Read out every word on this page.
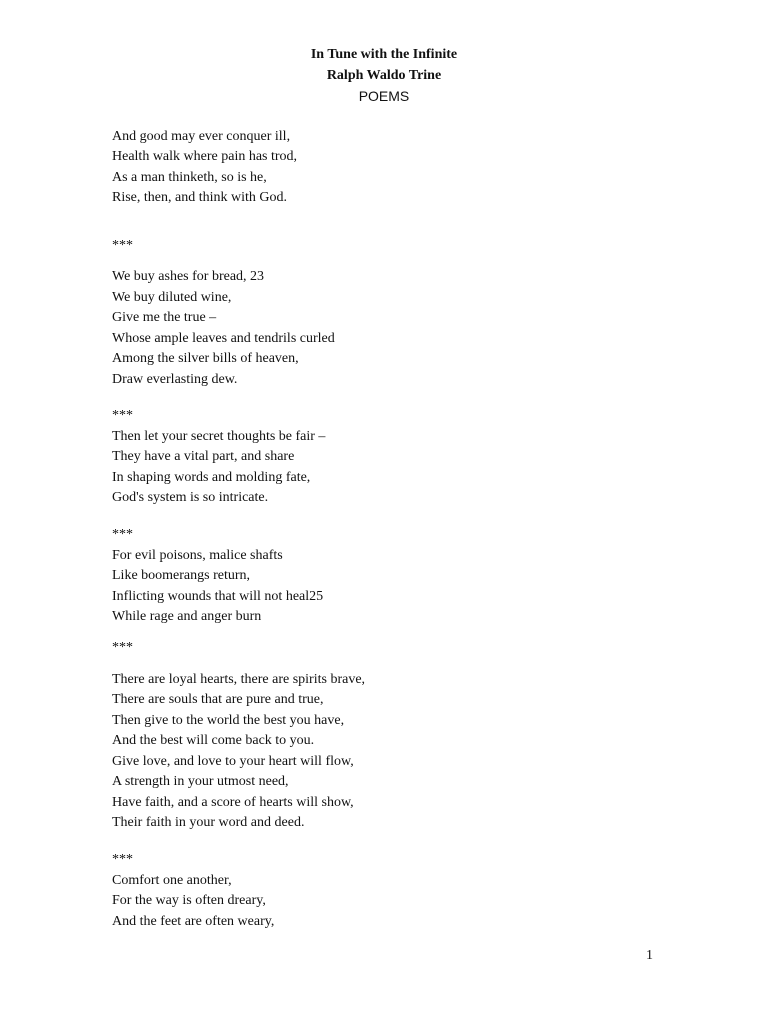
In Tune with the Infinite
Ralph Waldo Trine
POEMS
And good may ever conquer ill,
Health walk where pain has trod,
As a man thinketh, so is he,
Rise, then, and think with God.
***
We buy ashes for bread, 23
We buy diluted wine,
Give me the true –
Whose ample leaves and tendrils curled
Among the silver bills of heaven,
Draw everlasting dew.
***
Then let your secret thoughts be fair –
They have a vital part, and share
In shaping words and molding fate,
God's system is so intricate.
***
For evil poisons, malice shafts
Like boomerangs return,
Inflicting wounds that will not heal25
While rage and anger burn
***
There are loyal hearts, there are spirits brave,
There are souls that are pure and true,
Then give to the world the best you have,
And the best will come back to you.
Give love, and love to your heart will flow,
A strength in your utmost need,
Have faith, and a score of hearts will show,
Their faith in your word and deed.
***
Comfort one another,
For the way is often dreary,
And the feet are often weary,
1
